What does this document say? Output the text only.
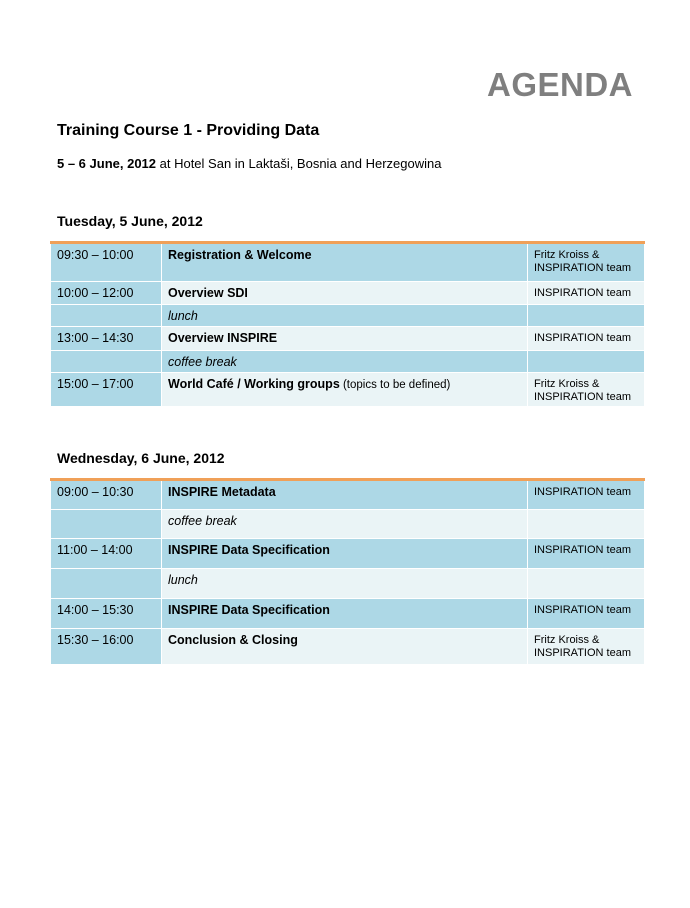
AGENDA
Training Course 1 - Providing Data

5 – 6 June, 2012 at Hotel San in Laktaši, Bosnia and Herzegowina

Tuesday, 5 June, 2012
09:30 – 10:00	Registration & Welcome	Fritz Kroiss & INSPIRATION team
10:00 – 12:00	Overview SDI	INSPIRATION team
	lunch	
13:00 – 14:30	Overview INSPIRE	INSPIRATION team
	coffee break	
15:00 – 17:00	World Café / Working groups (topics to be defined)	Fritz Kroiss & INSPIRATION team
Wednesday, 6 June, 2012
09:00 – 10:30	INSPIRE Metadata	INSPIRATION team
	coffee break	
11:00 – 14:00	INSPIRE Data Specification	INSPIRATION team
	lunch	
14:00 – 15:30	INSPIRE Data Specification	INSPIRATION team
15:30 – 16:00	Conclusion & Closing	Fritz Kroiss & INSPIRATION team
